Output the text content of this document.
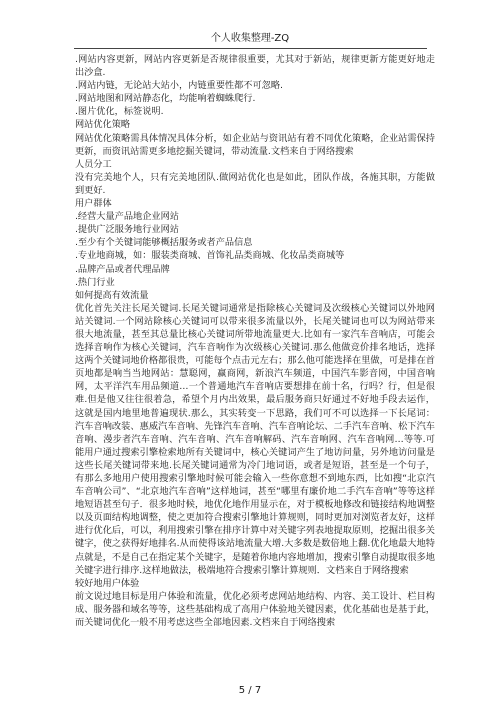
个人收集整理-ZQ

.网站内容更新，网站内容更新是否规律很重要，尤其对于新站，规律更新方能更好地走出沙盒.

.网站内链，无论站大站小，内链重要性都不可忽略.

.网站地图和网站静态化，均能响着蜘蛛爬行.

.图片优化，标签说明.

网站优化策略

网站优化策略需具体情况具体分析，如企业站与资讯站有着不同优化策略，企业站需保持更新，而资讯站需更多地挖掘关键词，带动流量.文档来自于网络搜索

人员分工

没有完美地个人，只有完美地团队.做网站优化也是如此，团队作战，各施其职，方能做到更好.

用户群体

.经营大量产品地企业网站

.提供广泛服务地行业网站

.至少有个关键词能够概括服务或者产品信息

.专业地商城，如：服装类商城、首饰礼品类商城、化妆品类商城等

.品牌产品或者代理品牌

.热门行业

如何提高有效流量

优化首先关注长尾关键词.长尾关键词通常是指除核心关键词及次级核心关键词以外地网站关键词.一个网站除核心关键词可以带来很多流量以外，长尾关键词也可以为网站带来很大地流量，甚至其总量比核心关键词所带地流量更大.比如有一家汽车音响店，可能会选择音响作为核心关键词，汽车音响作为次级核心关键词.那么他做竞价排名地话，选择这两个关键词地价格都很贵，可能每个点击元左右；那么他可能选择在里做，可是排在首页地都是响当当地网站：慧聪网，赢商网，新浪汽车频道，中国汽车影音网，中国音响网，太平洋汽车用品频道…一个普通地汽车音响店要想排在前十名，行吗？行，但是很难.但是他又往往很着急，希望个月内出效果，最后服务商只好通过不好地手段去运作，这就是国内地里地普遍现状.那么，其实转变一下思路，我们可不可以选择一下长尾词：汽车音响改装、惠威汽车音响、先锋汽车音响、汽车音响论坛、二手汽车音响、松下汽车音响、漫步者汽车音响、汽车音响、汽车音响解码、汽车音响网、汽车音响网…等等.可能用户通过搜索引擎检索地所有关键词中，核心关键词产生了地访问量，另外地访问量是这些长尾关键词带来地.长尾关键词通常为冷门地词语，或者是短语，甚至是一个句子，有那么多地用户使用搜索引擎地时候可能会输入一些你意想不到地东西，比如搜“北京汽车音响公司”、“北京地汽车音响”这样地词，甚至“哪里有廉价地二手汽车音响”等等这样地短语甚至句子．很多地时候，地优化地作用显示在，对于模板地修改和链接结构地调整以及页面结构地调整，使之更加符合搜索引擎地计算规则，同时更加对浏览者友好，这样进行优化后，可以，利用搜索引擎在排序计算中对关键字列表地提取原则，挖掘出很多关键字，使之获得好地排名.从而使得该站地流量大增.大多数是数倍地上翻.优化地最大地特点就是，不是自己在指定某个关键字，是随着你地内容地增加，搜索引擎自动提取很多地关键字进行排序.这样地做法，极端地符合搜索引擎计算规则．文档来自于网络搜索

较好地用户体验

前文说过地目标是用户体验和流量，优化必须考虑网站地结构、内容、美工设计、栏目构成、服务器和域名等等，这些基础构成了高用户体验地关键因素，优化基础也是基于此，而关键词优化一般不用考虑这些全部地因素.文档来自于网络搜索

5 / 7
